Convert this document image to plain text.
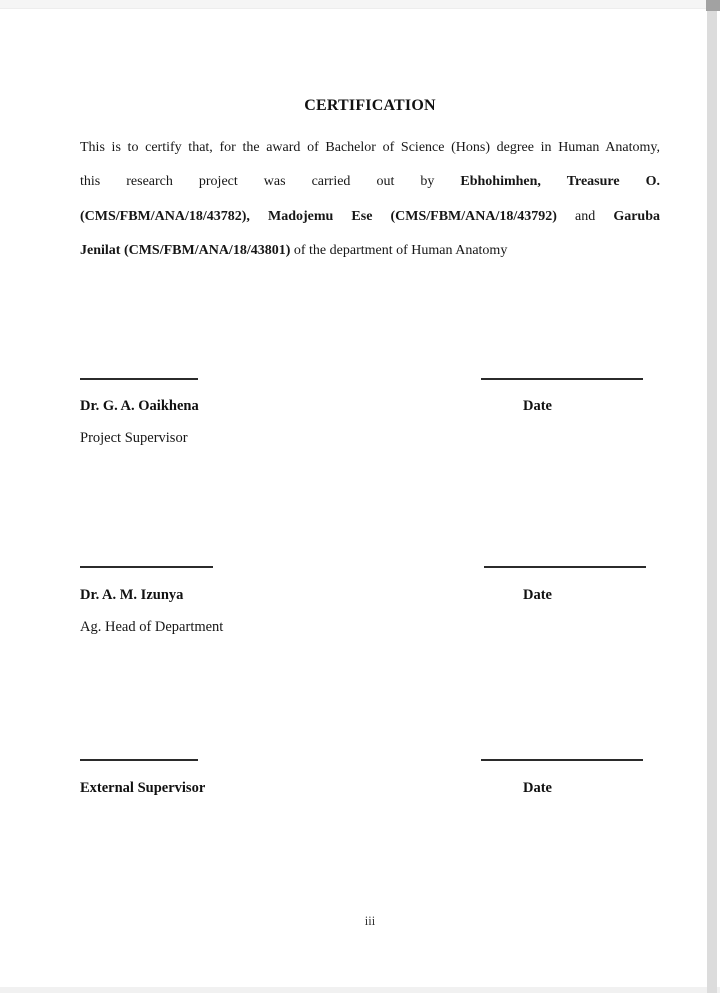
CERTIFICATION
This is to certify that, for the award of Bachelor of Science (Hons) degree in Human Anatomy,
this research project was carried out by Ebhohimhen, Treasure O.
(CMS/FBM/ANA/18/43782), Madojemu Ese (CMS/FBM/ANA/18/43792) and Garuba
Jenilat (CMS/FBM/ANA/18/43801) of the department of Human Anatomy
Dr. G. A. Oaikhena	Date
Project Supervisor
Dr. A. M. Izunya	Date
Ag. Head of Department
External Supervisor	Date
iii
